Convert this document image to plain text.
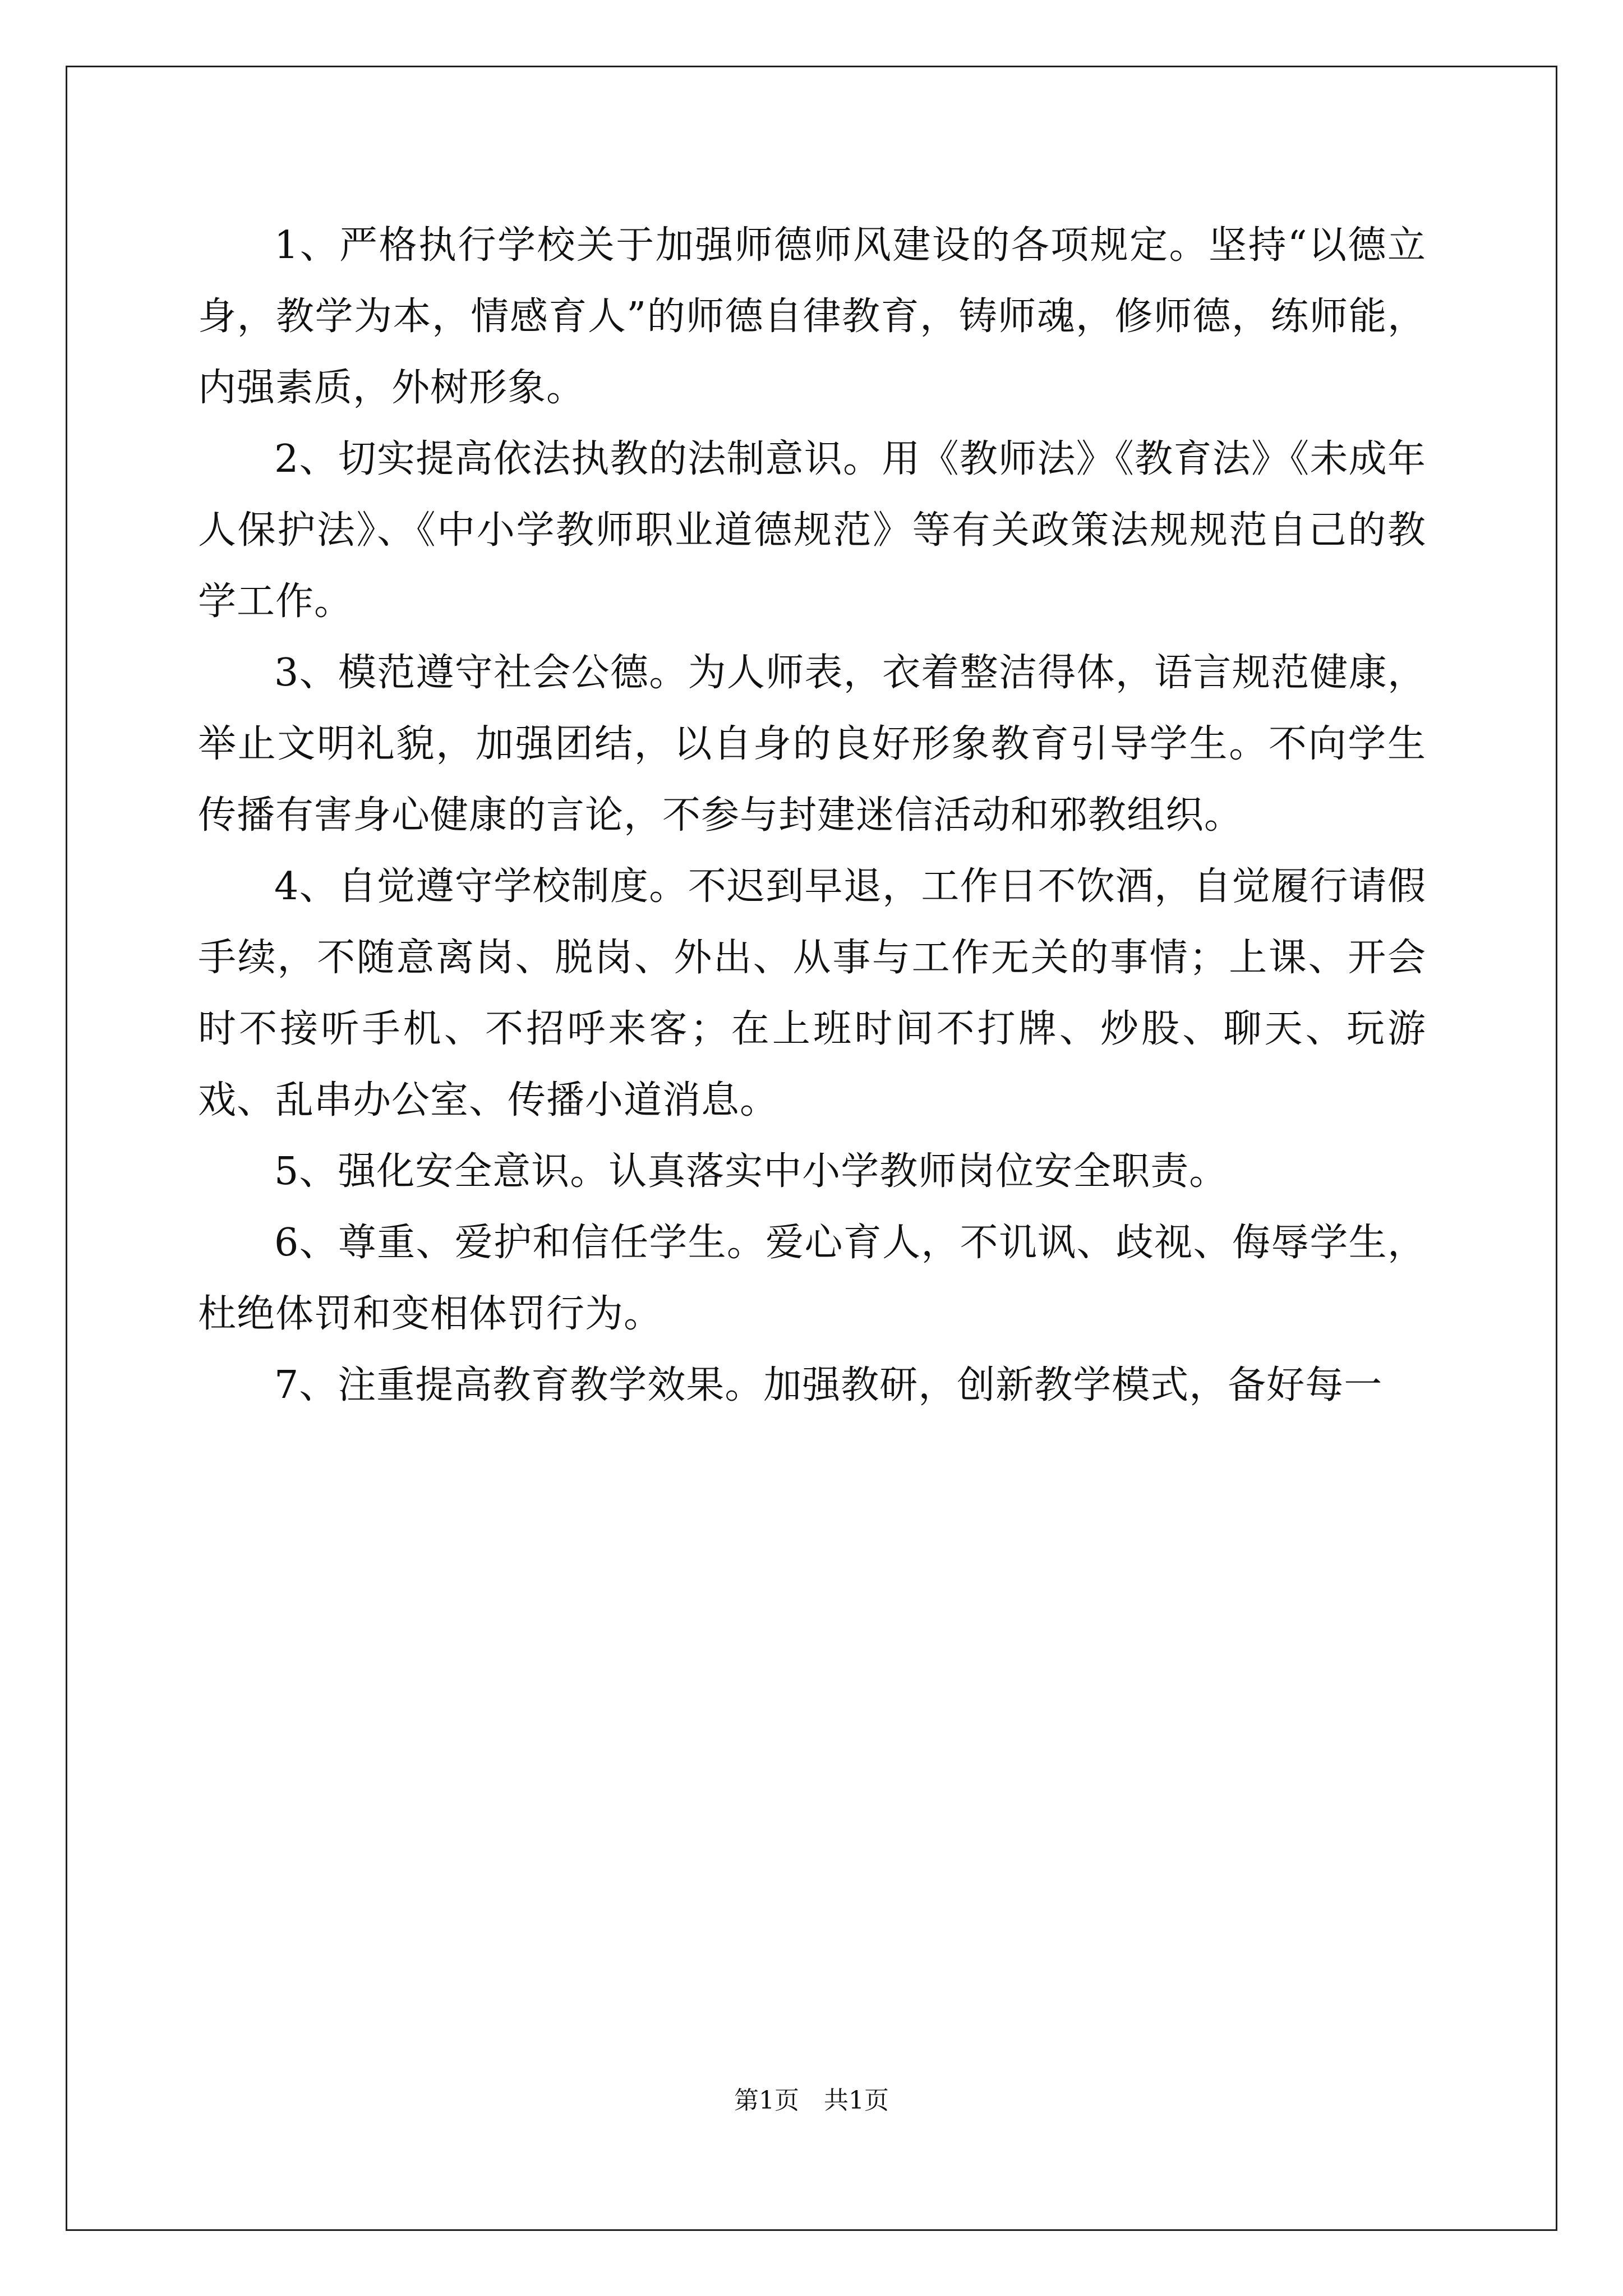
1、严格执行学校关于加强师德师风建设的各项规定。坚持“以德立身，教学为本，情感育人”的师德自律教育，铸师魂，修师德，练师能，内强素质，外树形象。

2、切实提高依法执教的法制意识。用《教师法》《教育法》《未成年人保护法》、《中小学教师职业道德规范》等有关政策法规规范自己的教学工作。

3、模范遵守社会公德。为人师表，衣着整洁得体，语言规范健康，举止文明礼貌，加强团结，以自身的良好形象教育引导学生。不向学生传播有害身心健康的言论，不参与封建迷信活动和邪教组织。

4、自觉遵守学校制度。不迟到早退，工作日不饮酒，自觉履行请假手续，不随意离岗、脱岗、外出、从事与工作无关的事情；上课、开会时不接听手机、不招呼来客；在上班时间不打牌、炒股、聊天、玩游戏、乱串办公室、传播小道消息。

5、强化安全意识。认真落实中小学教师岗位安全职责。

6、尊重、爱护和信任学生。爱心育人，不讥讽、歧视、侮辱学生，杜绝体罚和变相体罚行为。

7、注重提高教育教学效果。加强教研，创新教学模式，备好每一

第1页 共1页
